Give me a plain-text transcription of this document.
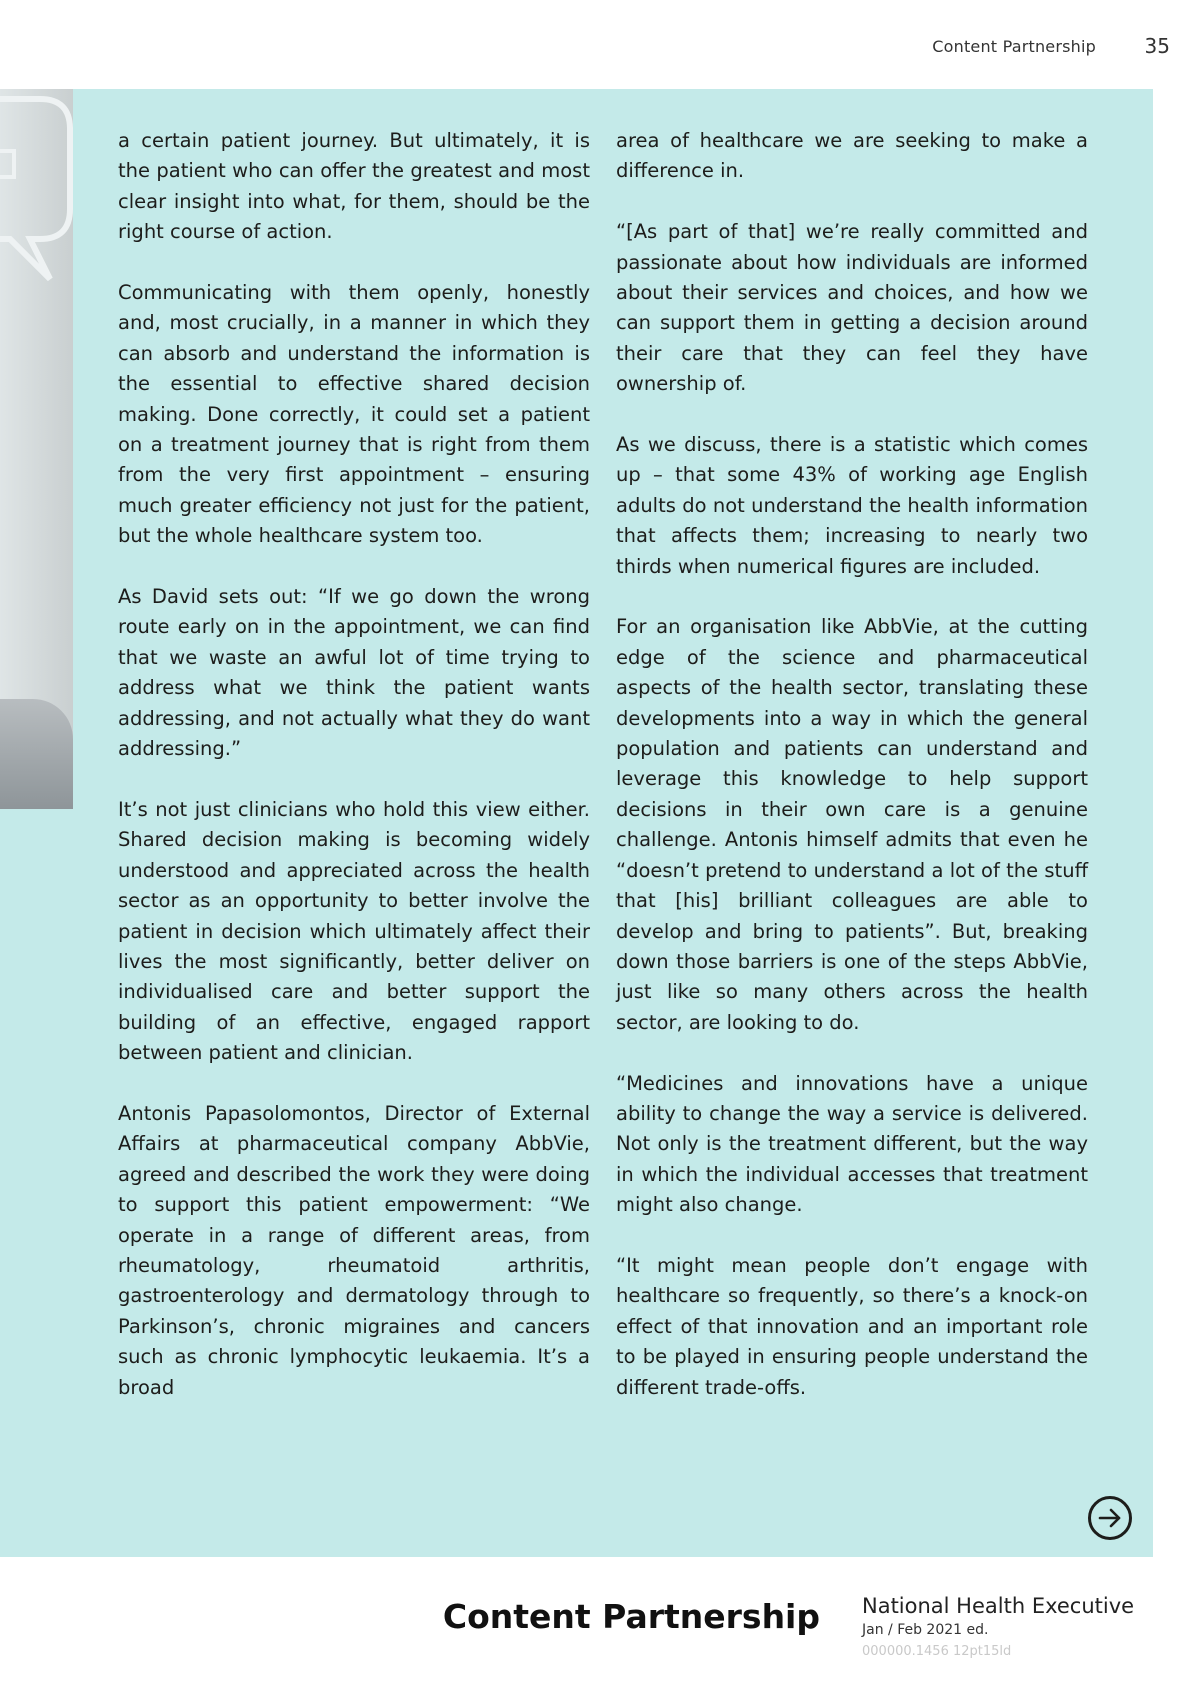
Content Partnership 35

a certain patient journey. But ultimately, it is the patient who can offer the greatest and most clear insight into what, for them, should be the right course of action.

Communicating with them openly, honestly and, most crucially, in a manner in which they can absorb and understand the information is the essential to effective shared decision making. Done correctly, it could set a patient on a treatment journey that is right from them from the very first appointment – ensuring much greater efficiency not just for the patient, but the whole healthcare system too.

As David sets out: “If we go down the wrong route early on in the appointment, we can find that we waste an awful lot of time trying to address what we think the patient wants addressing, and not actually what they do want addressing.”

It’s not just clinicians who hold this view either. Shared decision making is becoming widely understood and appreciated across the health sector as an opportunity to better involve the patient in decision which ultimately affect their lives the most significantly, better deliver on individualised care and better support the building of an effective, engaged rapport between patient and clinician.

Antonis Papasolomontos, Director of External Affairs at pharmaceutical company AbbVie, agreed and described the work they were doing to support this patient empowerment: “We operate in a range of different areas, from rheumatology, rheumatoid arthritis, gastroenterology and dermatology through to Parkinson’s, chronic migraines and cancers such as chronic lymphocytic leukaemia. It’s a broad

area of healthcare we are seeking to make a difference in.

“[As part of that] we’re really committed and passionate about how individuals are informed about their services and choices, and how we can support them in getting a decision around their care that they can feel they have ownership of.

As we discuss, there is a statistic which comes up – that some 43% of working age English adults do not understand the health information that affects them; increasing to nearly two thirds when numerical figures are included.

For an organisation like AbbVie, at the cutting edge of the science and pharmaceutical aspects of the health sector, translating these developments into a way in which the general population and patients can understand and leverage this knowledge to help support decisions in their own care is a genuine challenge. Antonis himself admits that even he “doesn’t pretend to understand a lot of the stuff that [his] brilliant colleagues are able to develop and bring to patients”. But, breaking down those barriers is one of the steps AbbVie, just like so many others across the health sector, are looking to do.

“Medicines and innovations have a unique ability to change the way a service is delivered. Not only is the treatment different, but the way in which the individual accesses that treatment might also change.

“It might mean people don’t engage with healthcare so frequently, so there’s a knock-on effect of that innovation and an important role to be played in ensuring people understand the different trade-offs.

Content Partnership National Health Executive
Jan / Feb 2021 ed.
000000.1456 12pt15ld
